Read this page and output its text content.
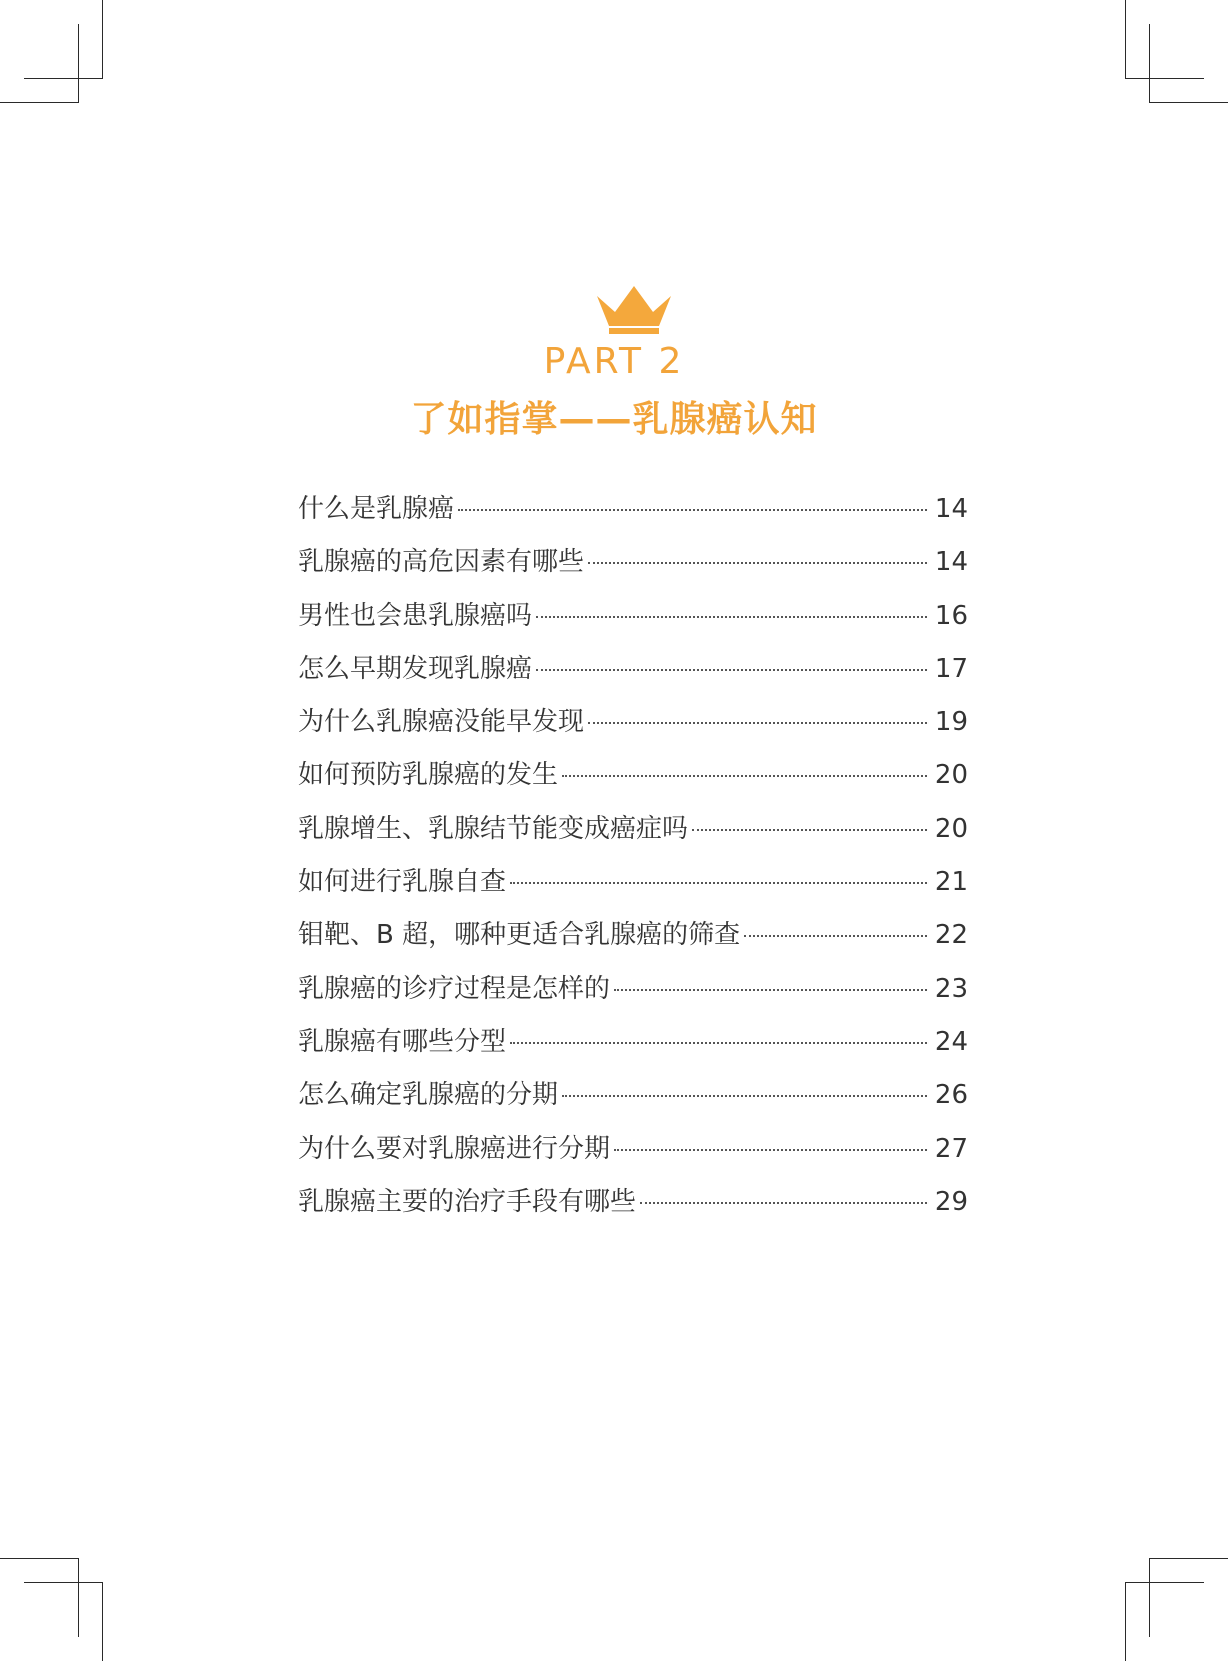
PART 2
了如指掌——乳腺癌认知
什么是乳腺癌	14
乳腺癌的高危因素有哪些	14
男性也会患乳腺癌吗	16
怎么早期发现乳腺癌	17
为什么乳腺癌没能早发现	19
如何预防乳腺癌的发生	20
乳腺增生、乳腺结节能变成癌症吗	20
如何进行乳腺自查	21
钼靶、B 超，哪种更适合乳腺癌的筛查	22
乳腺癌的诊疗过程是怎样的	23
乳腺癌有哪些分型	24
怎么确定乳腺癌的分期	26
为什么要对乳腺癌进行分期	27
乳腺癌主要的治疗手段有哪些	29
